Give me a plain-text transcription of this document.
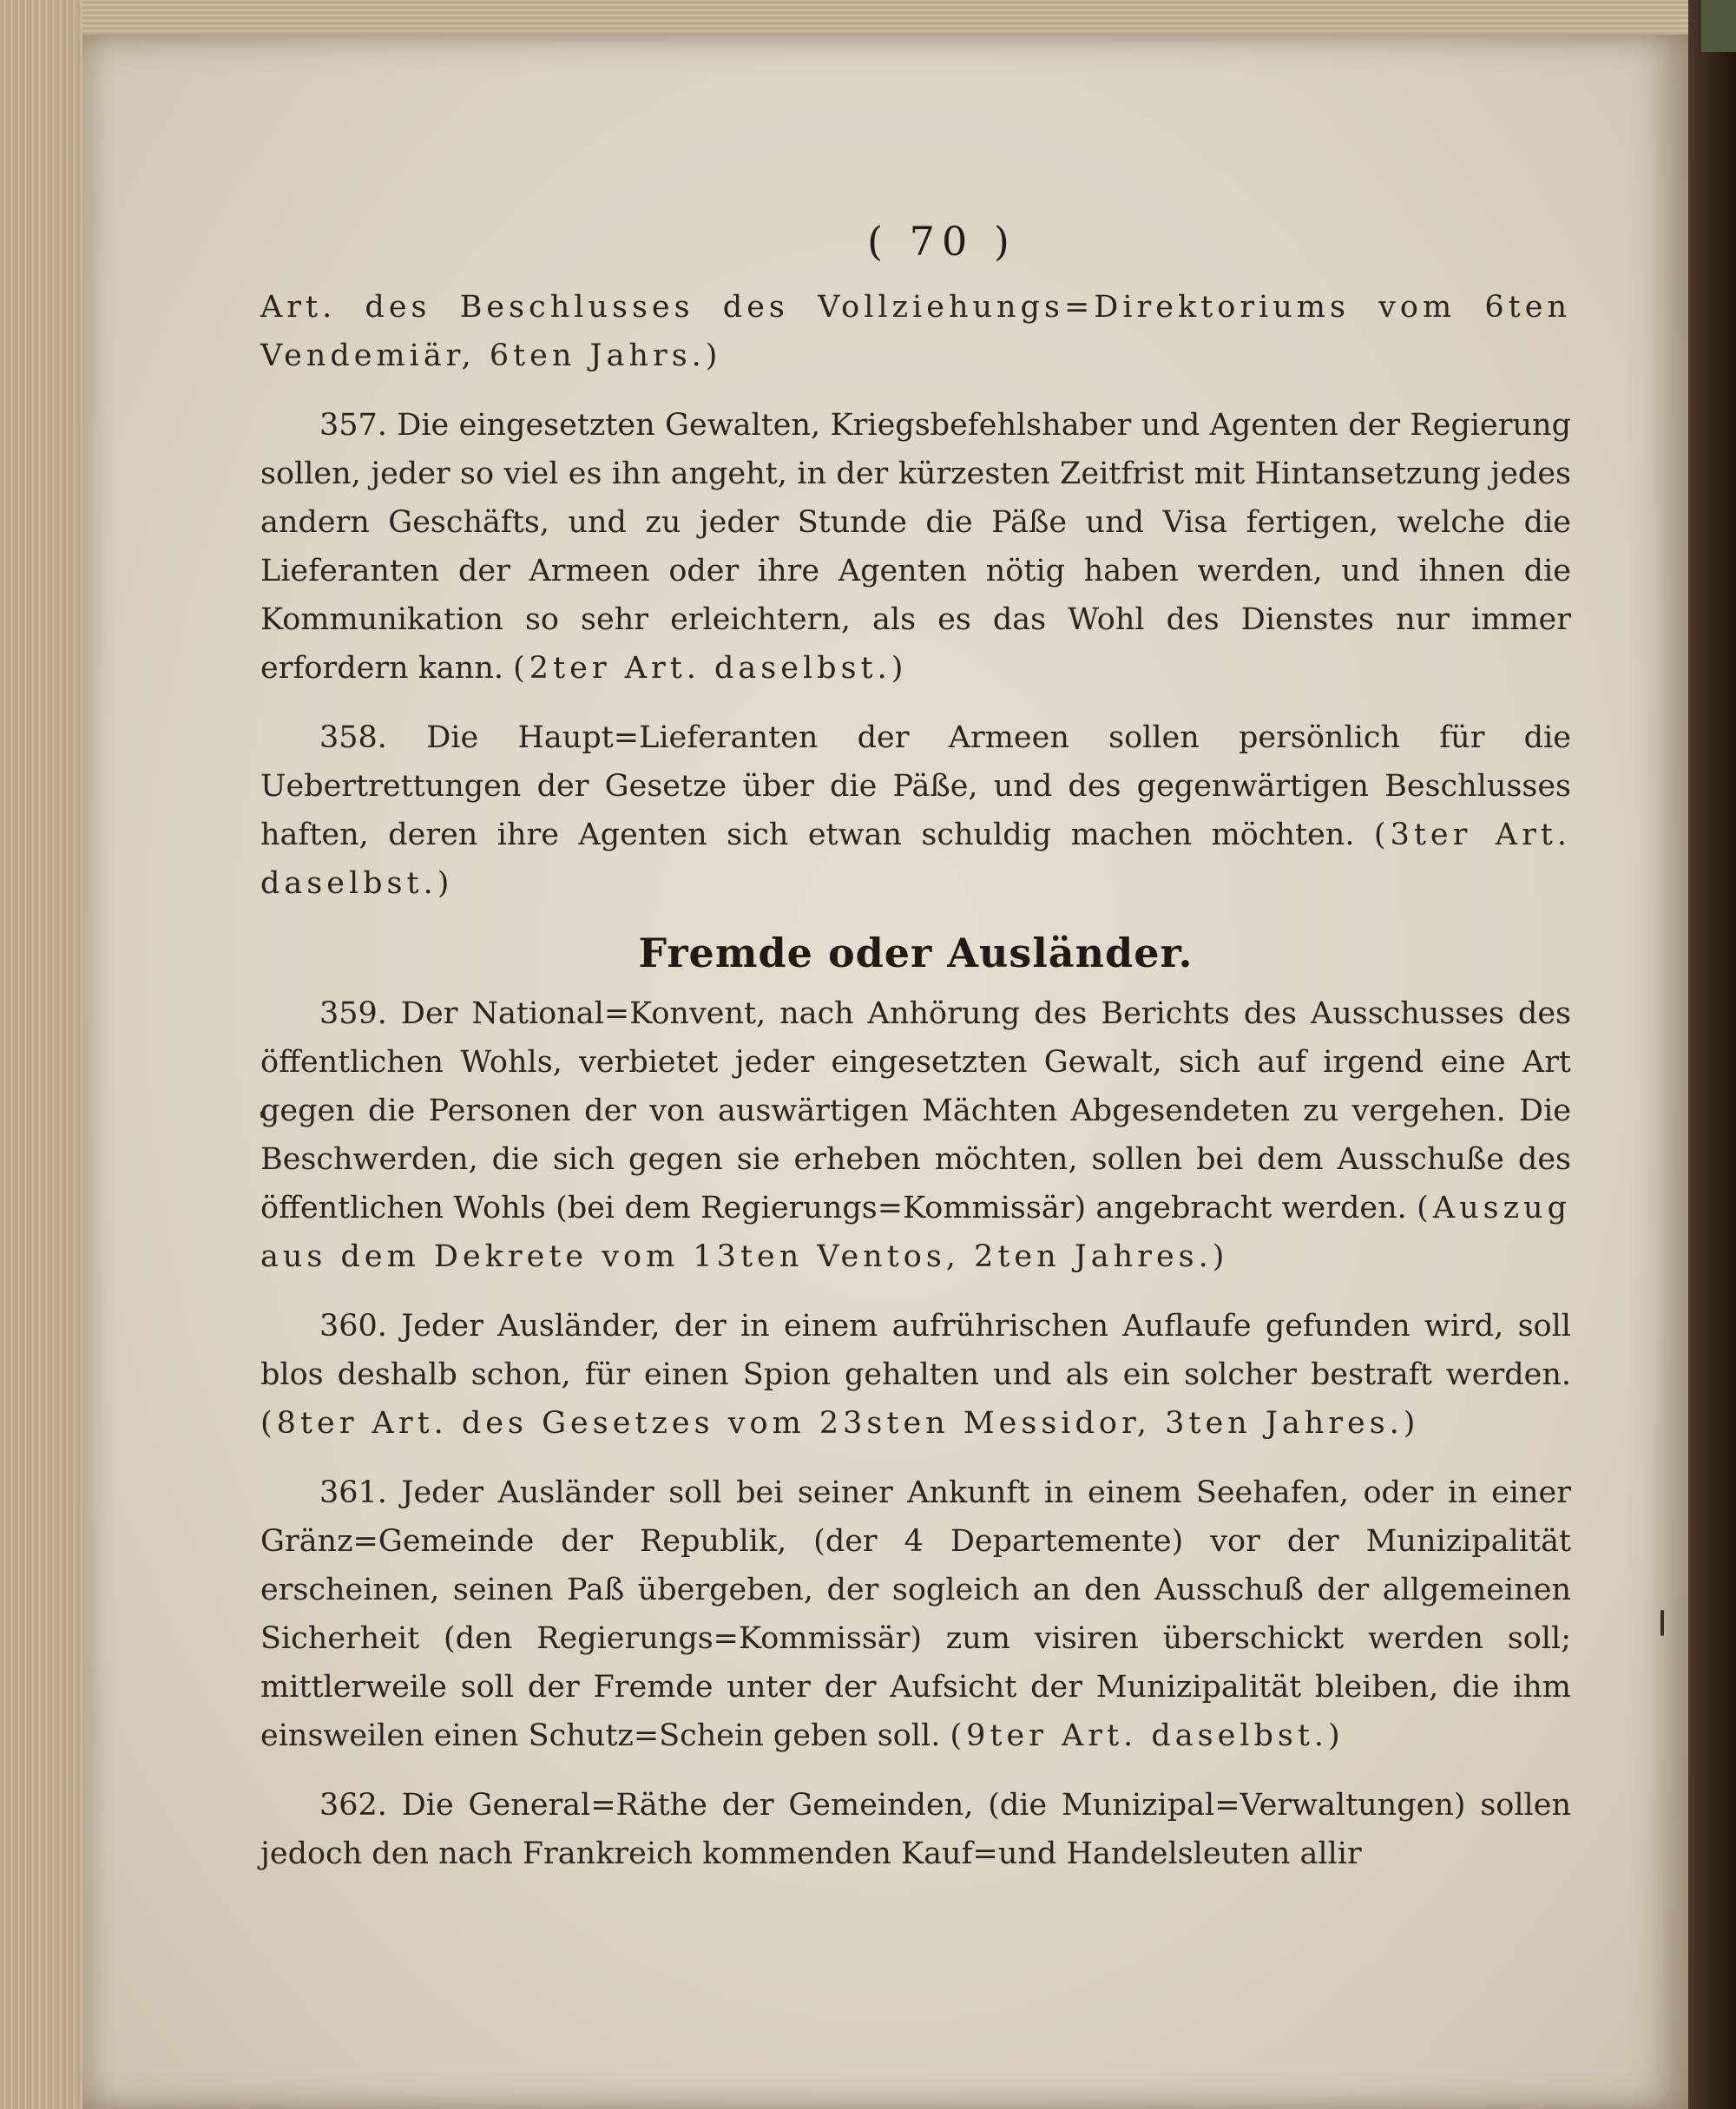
( 70 )

Art. des Beschlusses des Vollziehungs=Direktoriums vom 6ten Vendemiär, 6ten Jahrs.)

357. Die eingesetzten Gewalten, Kriegsbefehlshaber und Agenten der Regierung sollen, jeder so viel es ihn angeht, in der kürzesten Zeitfrist mit Hintansetzung jedes andern Geschäfts, und zu jeder Stunde die Päße und Visa fertigen, welche die Lieferanten der Armeen oder ihre Agenten nötig haben werden, und ihnen die Kommunikation so sehr erleichtern, als es das Wohl des Dienstes nur immer erfordern kann. (2ter Art. daselbst.)

358. Die Haupt=Lieferanten der Armeen sollen persönlich für die Uebertrettungen der Gesetze über die Päße, und des gegenwärtigen Beschlusses haften, deren ihre Agenten sich etwan schuldig machen möchten. (3ter Art. daselbst.)

Fremde oder Ausländer.

359. Der National=Konvent, nach Anhörung des Berichts des Ausschusses des öffentlichen Wohls, verbietet jeder eingesetzten Gewalt, sich auf irgend eine Art gegen die Personen der von auswärtigen Mächten Abgesendeten zu vergehen. Die Beschwerden, die sich gegen sie erheben möchten, sollen bei dem Ausschuße des öffentlichen Wohls (bei dem Regierungs=Kommissär) angebracht werden. (Auszug aus dem Dekrete vom 13ten Ventos, 2ten Jahres.)

360. Jeder Ausländer, der in einem aufrührischen Auflaufe gefunden wird, soll blos deshalb schon, für einen Spion gehalten und als ein solcher bestraft werden. (8ter Art. des Gesetzes vom 23sten Messidor, 3ten Jahres.)

361. Jeder Ausländer soll bei seiner Ankunft in einem Seehafen, oder in einer Gränz=Gemeinde der Republik, (der 4 Departemente) vor der Munizipalität erscheinen, seinen Paß übergeben, der sogleich an den Ausschuß der allgemeinen Sicherheit (den Regierungs=Kommissär) zum visiren überschickt werden soll; mittlerweile soll der Fremde unter der Aufsicht der Munizipalität bleiben, die ihm einsweilen einen Schutz=Schein geben soll. (9ter Art. daselbst.)

362. Die General=Räthe der Gemeinden, (die Munizipal=Verwaltungen) sollen jedoch den nach Frankreich kommenden Kauf=und Handelsleuten allir
